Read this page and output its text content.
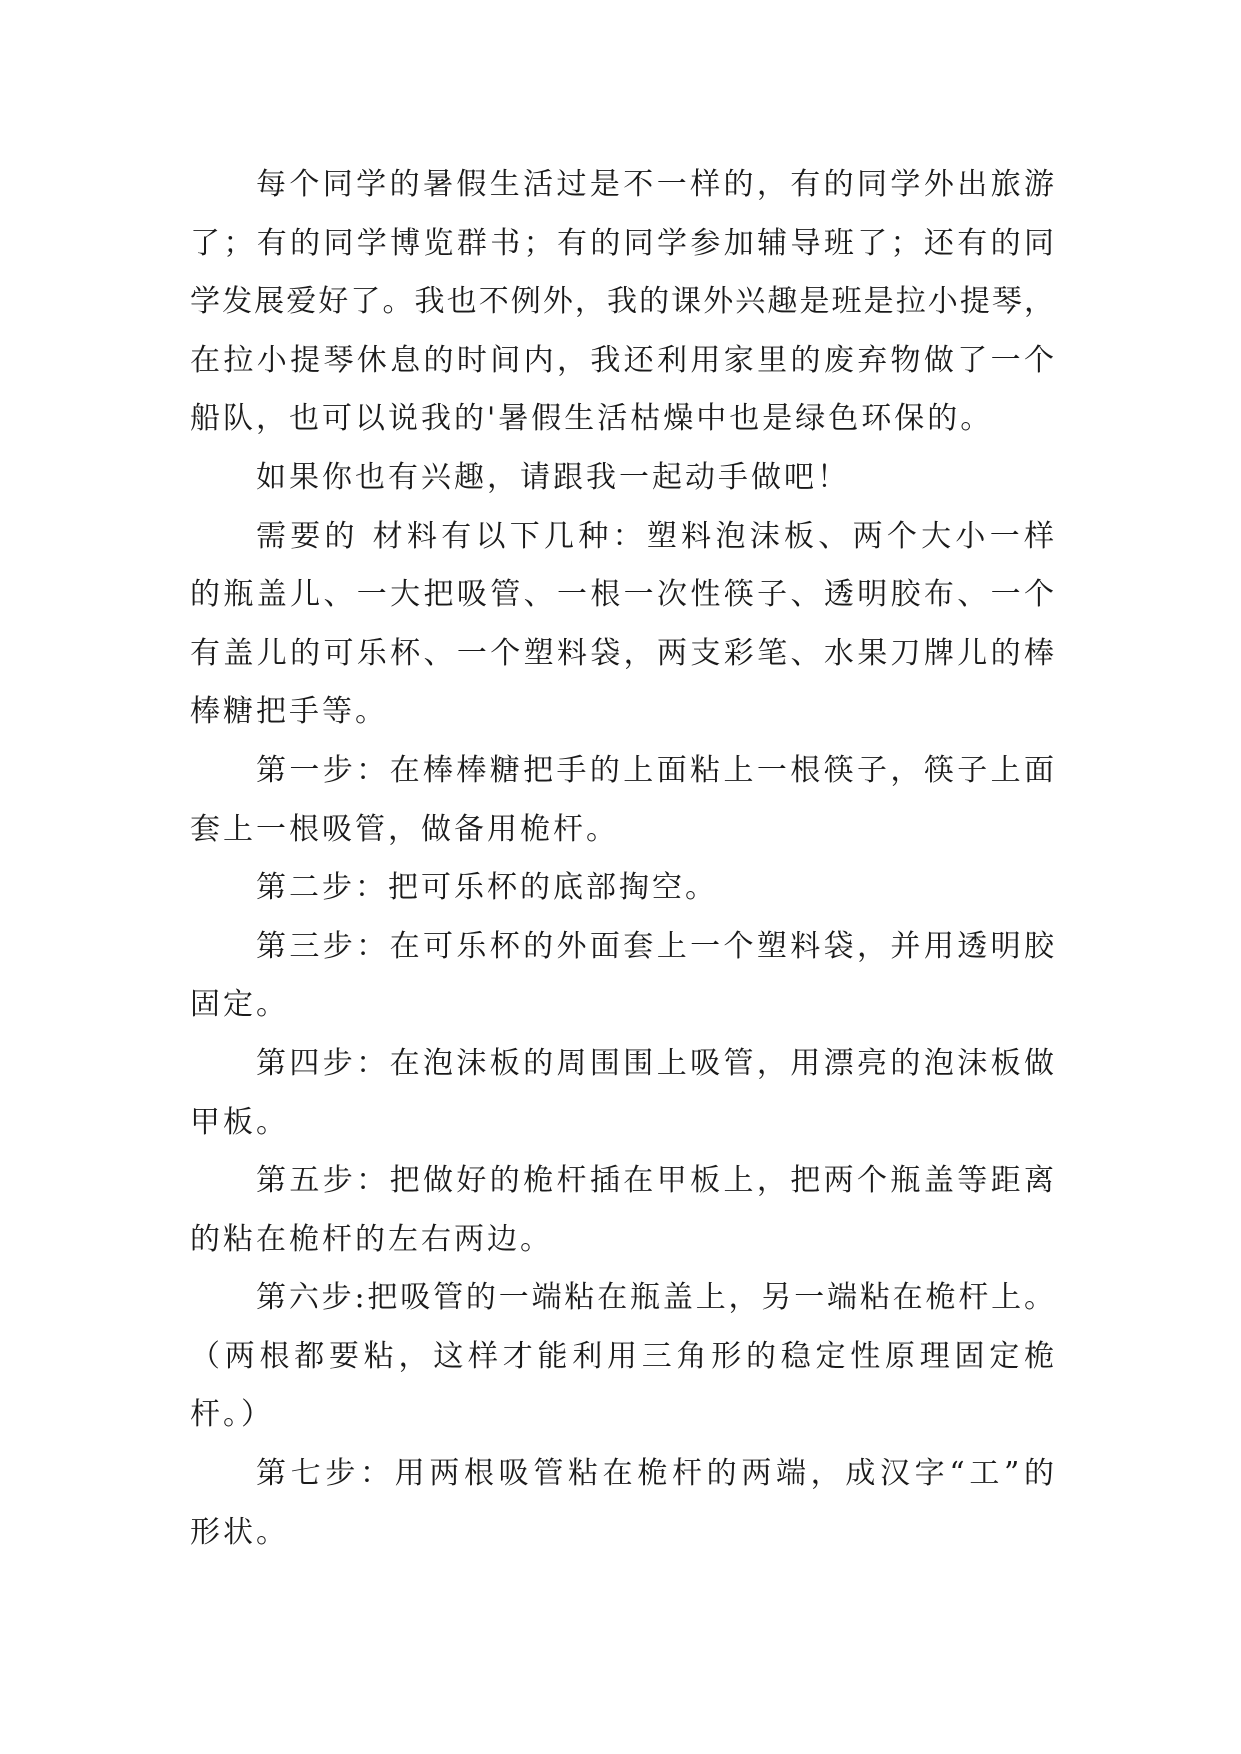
每个同学的暑假生活过是不一样的，有的同学外出旅游
了；有的同学博览群书；有的同学参加辅导班了；还有的同
学发展爱好了。我也不例外，我的课外兴趣是班是拉小提琴，
在拉小提琴休息的时间内，我还利用家里的废弃物做了一个
船队，也可以说我的'暑假生活枯燥中也是绿色环保的。
如果你也有兴趣，请跟我一起动手做吧！
需要的 材料有以下几种：塑料泡沫板、两个大小一样
的瓶盖儿、一大把吸管、一根一次性筷子、透明胶布、一个
有盖儿的可乐杯、一个塑料袋，两支彩笔、水果刀牌儿的棒
棒糖把手等。
第一步：在棒棒糖把手的上面粘上一根筷子，筷子上面
套上一根吸管，做备用桅杆。
第二步：把可乐杯的底部掏空。
第三步：在可乐杯的外面套上一个塑料袋，并用透明胶
固定。
第四步：在泡沫板的周围围上吸管，用漂亮的泡沫板做
甲板。
第五步：把做好的桅杆插在甲板上，把两个瓶盖等距离
的粘在桅杆的左右两边。
第六步:把吸管的一端粘在瓶盖上，另一端粘在桅杆上。
（两根都要粘，这样才能利用三角形的稳定性原理固定桅
杆。）
第七步：用两根吸管粘在桅杆的两端，成汉字“工”的
形状。
